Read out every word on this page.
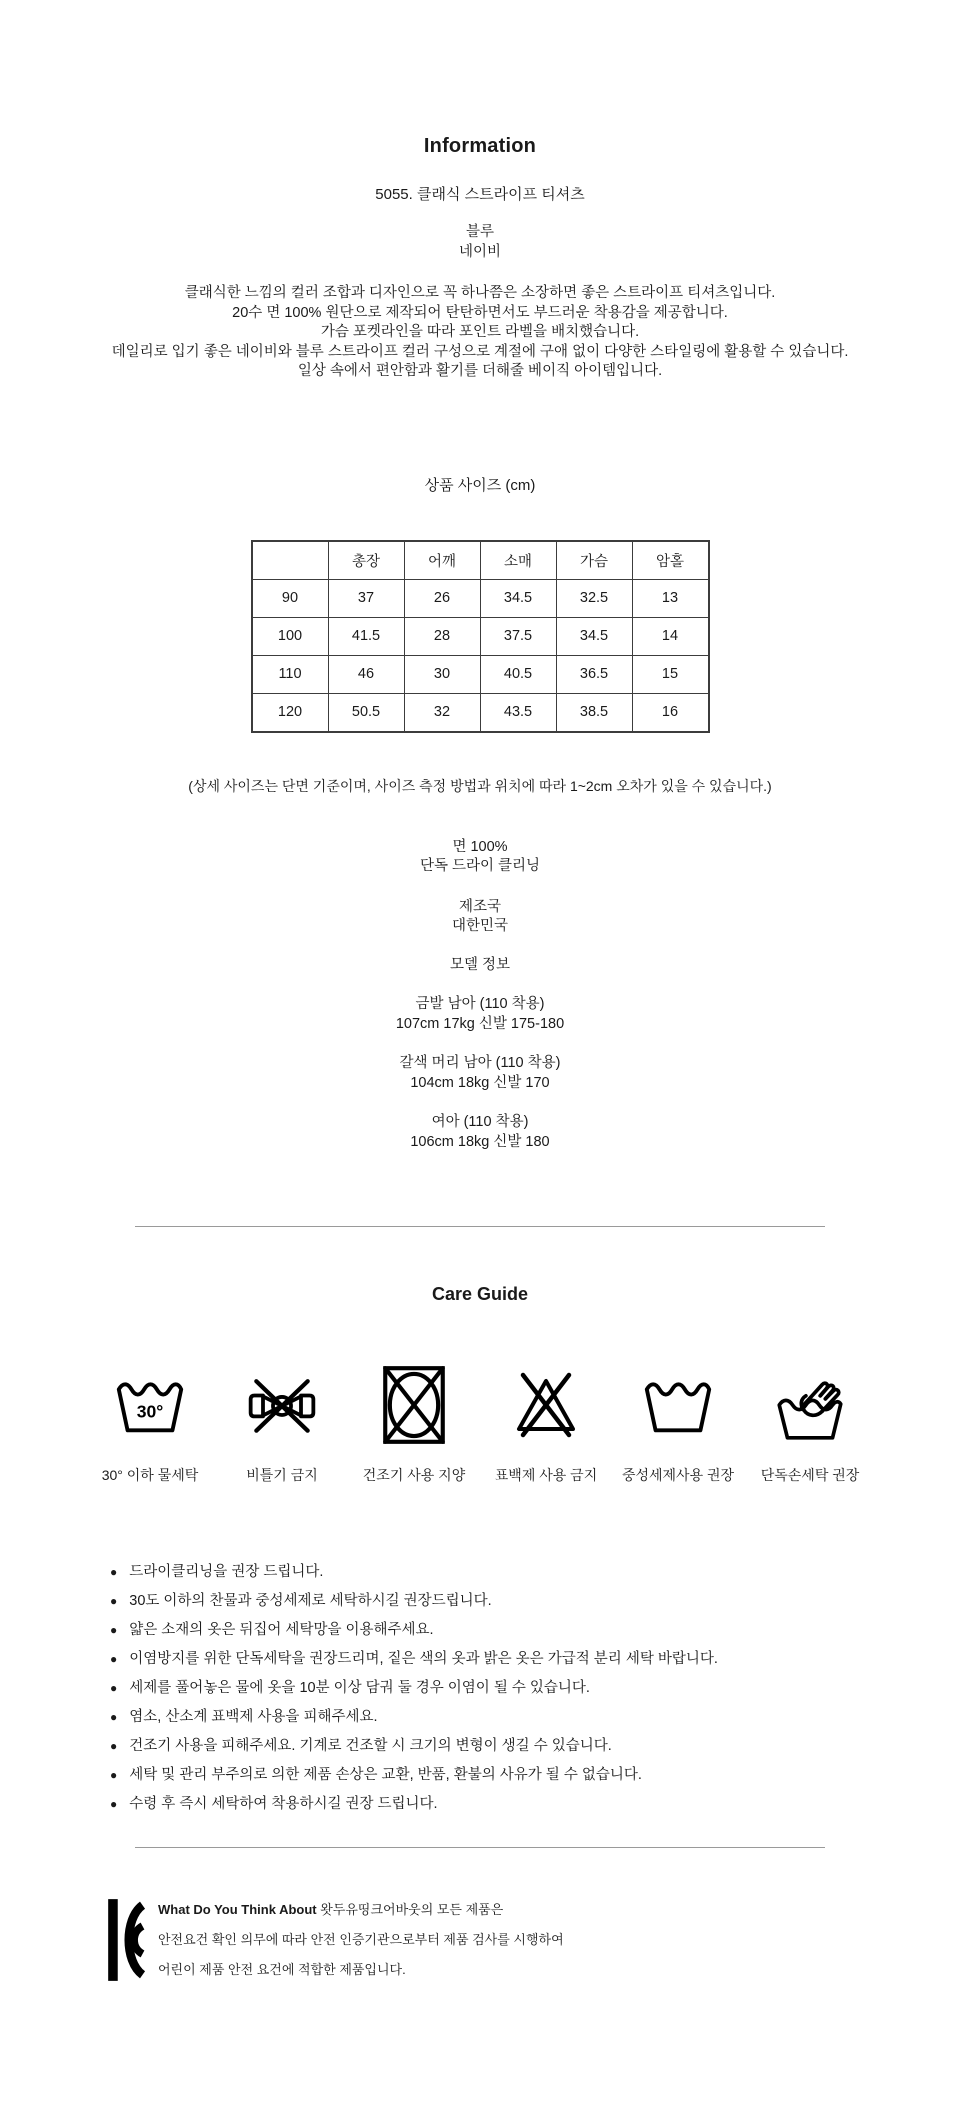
Information
5055. 클래식 스트라이프 티셔츠
블루
네이비
클래식한 느낌의 컬러 조합과 디자인으로 꼭 하나쯤은 소장하면 좋은 스트라이프 티셔츠입니다.
20수 면 100% 원단으로 제작되어 탄탄하면서도 부드러운 착용감을 제공합니다.
가슴 포켓라인을 따라 포인트 라벨을 배치했습니다.
데일리로 입기 좋은 네이비와 블루 스트라이프 컬러 구성으로 계절에 구애 없이 다양한 스타일링에 활용할 수 있습니다.
일상 속에서 편안함과 활기를 더해줄 베이직 아이템입니다.
상품 사이즈 (cm)
	총장	어깨	소매	가슴	암홀
90	37	26	34.5	32.5	13
100	41.5	28	37.5	34.5	14
110	46	30	40.5	36.5	15
120	50.5	32	43.5	38.5	16
(상세 사이즈는 단면 기준이며, 사이즈 측정 방법과 위치에 따라 1~2cm 오차가 있을 수 있습니다.)
면 100%
단독 드라이 클리닝
제조국
대한민국
모델 정보
금발 남아 (110 착용)
107cm 17kg 신발 175-180
갈색 머리 남아 (110 착용)
104cm 18kg 신발 170
여아 (110 착용)
106cm 18kg 신발 180
Care Guide
30°
30° 이하 물세탁	비틀기 금지	건조기 사용 지양 표백제 사용 금지 중성세제사용 권장 단독손세탁 권장
● 드라이클리닝을 권장 드립니다.
● 30도 이하의 찬물과 중성세제로 세탁하시길 권장드립니다.
● 얇은 소재의 옷은 뒤집어 세탁망을 이용해주세요.
● 이염방지를 위한 단독세탁을 권장드리며, 짙은 색의 옷과 밝은 옷은 가급적 분리 세탁 바랍니다.
● 세제를 풀어놓은 물에 옷을 10분 이상 담궈 둘 경우 이염이 될 수 있습니다.
● 염소, 산소계 표백제 사용을 피해주세요.
● 건조기 사용을 피해주세요. 기계로 건조할 시 크기의 변형이 생길 수 있습니다.
● 세탁 및 관리 부주의로 의한 제품 손상은 교환, 반품, 환불의 사유가 될 수 없습니다.
● 수령 후 즉시 세탁하여 착용하시길 권장 드립니다.
What Do You Think About 왓두유띵크어바웃의 모든 제품은
안전요건 확인 의무에 따라 안전 인증기관으로부터 제품 검사를 시행하여
어린이 제품 안전 요건에 적합한 제품입니다.
